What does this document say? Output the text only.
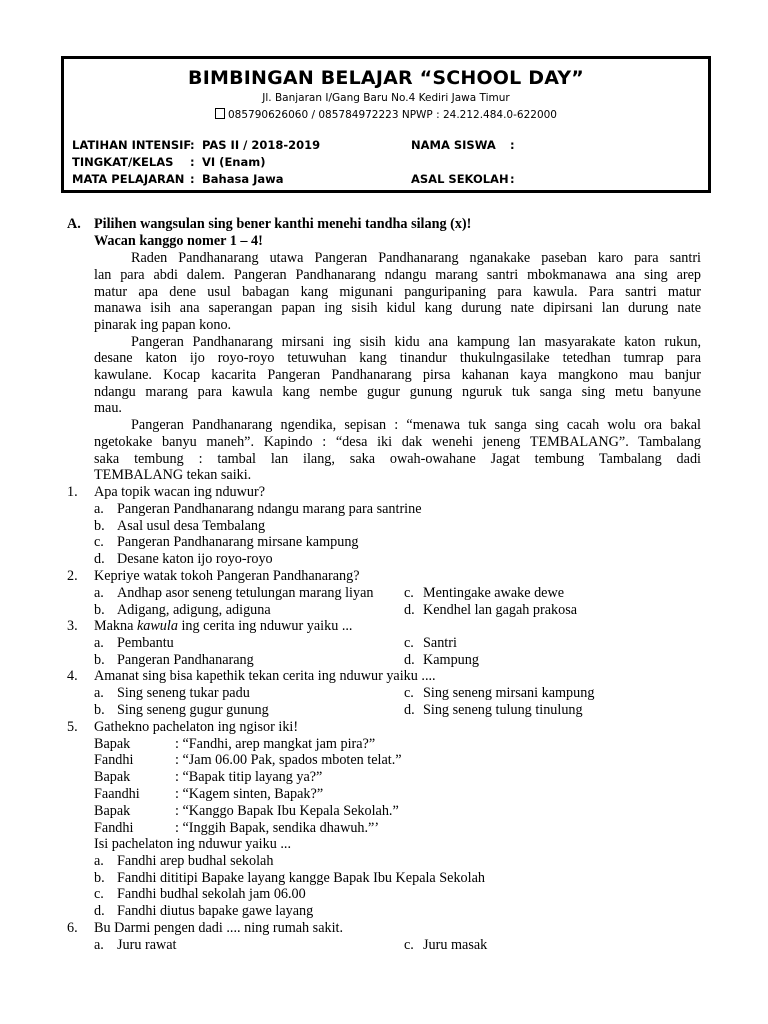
BIMBINGAN BELAJAR “SCHOOL DAY”
Jl. Banjaran I/Gang Baru No.4 Kediri Jawa Timur
085790626060 / 085784972223 NPWP : 24.212.484.0-622000
LATIHAN INTENSIF
: PAS II / 2018-2019
TINGKAT/KELAS : VI (Enam)
MATA PELAJARAN : Bahasa Jawa
NAMA SISWA :
ASAL SEKOLAH :
A. Pilihen wangsulan sing bener kanthi menehi tandha silang (x)!
Wacan kanggo nomer 1 – 4!
Raden Pandhanarang utawa Pangeran Pandhanarang nganakake paseban karo para santri
lan para abdi dalem. Pangeran Pandhanarang ndangu marang santri mbokmanawa ana sing arep
matur apa dene usul babagan kang migunani panguripaning para kawula. Para santri matur
manawa isih ana saperangan papan ing sisih kidul kang durung nate dipirsani lan durung nate
pinarak ing papan kono.
Pangeran Pandhanarang mirsani ing sisih kidu ana kampung lan masyarakate katon rukun,
desane katon ijo royo-royo tetuwuhan kang tinandur thukulngasilake tetedhan tumrap para
kawulane. Kocap kacarita Pangeran Pandhanarang pirsa kahanan kaya mangkono mau banjur
ndangu marang para kawula kang nembe gugur gunung nguruk tuk sanga sing metu banyune
mau.
Pangeran Pandhanarang ngendika, sepisan : “menawa tuk sanga sing cacah wolu ora bakal
ngetokake banyu maneh”. Kapindo : “desa iki dak wenehi jeneng TEMBALANG”. Tambalang
saka tembung : tambal lan ilang, saka owah-owahane Jagat tembung Tambalang dadi
TEMBALANG tekan saiki.
1. Apa topik wacan ing nduwur?
a. Pangeran Pandhanarang ndangu marang para santrine
b. Asal usul desa Tembalang
c. Pangeran Pandhanarang mirsane kampung
d. Desane katon ijo royo-royo
2. Kepriye watak tokoh Pangeran Pandhanarang?
a. Andhap asor seneng tetulungan marang liyan c. Mentingake awake dewe
b. Adigang, adigung, adiguna	d. Kendhel lan gagah prakosa
3. Makna kawula ing cerita ing nduwur yaiku ...
a. Pembantu	c. Santri
b. Pangeran Pandhanarang	d. Kampung
4. Amanat sing bisa kapethik tekan cerita ing nduwur yaiku ....
a. Sing seneng tukar padu	c. Sing seneng mirsani kampung
b. Sing seneng gugur gunung	d. Sing seneng tulung tinulung
5. Gathekno pachelaton ing ngisor iki!
Bapak	: “Fandhi, arep mangkat jam pira?”
Fandhi	: “Jam 06.00 Pak, spados mboten telat.”
Bapak	: “Bapak titip layang ya?”
Faandhi : “Kagem sinten, Bapak?”
Bapak	: “Kanggo Bapak Ibu Kepala Sekolah.”
Fandhi	: “Inggih Bapak, sendika dhawuh.”’
Isi pachelaton ing nduwur yaiku ...
a. Fandhi arep budhal sekolah
b. Fandhi dititipi Bapake layang kangge Bapak Ibu Kepala Sekolah
c. Fandhi budhal sekolah jam 06.00
d. Fandhi diutus bapake gawe layang
6. Bu Darmi pengen dadi .... ning rumah sakit.
a. Juru rawat	c. Juru masak
